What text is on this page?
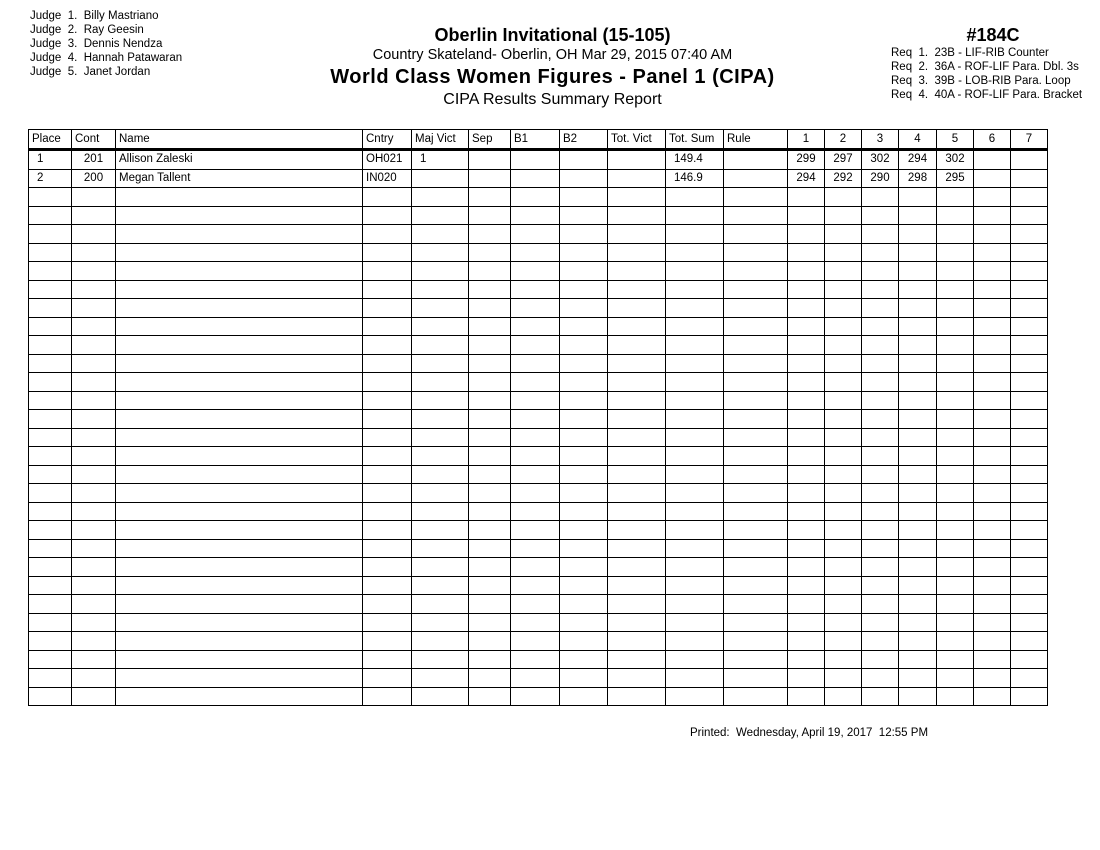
Judge  1. Billy Mastriano
Judge  2. Ray Geesin
Judge  3. Dennis Nendza
Judge  4. Hannah Patawaran
Judge  5. Janet Jordan
Oberlin Invitational (15-105)
Country Skateland- Oberlin, OH Mar 29, 2015 07:40 AM
World Class Women Figures - Panel 1 (CIPA)
CIPA Results Summary Report
#184C
Req  1. 23B - LIF-RIB Counter
Req  2. 36A - ROF-LIF Para. Dbl. 3s
Req  3. 39B - LOB-RIB Para. Loop
Req  4. 40A - ROF-LIF Para. Bracket
Place	Cont	Name	Cntry	Maj Vict	Sep	B1	B2	Tot. Vict	Tot. Sum	Rule	1	2	3	4	5	6	7
1	201	Allison Zaleski	OH021	1					149.4		299	297	302	294	302		
2	200	Megan Tallent	IN020						146.9		294	292	290	298	295		

Printed:  Wednesday, April 19, 2017  12:55 PM
